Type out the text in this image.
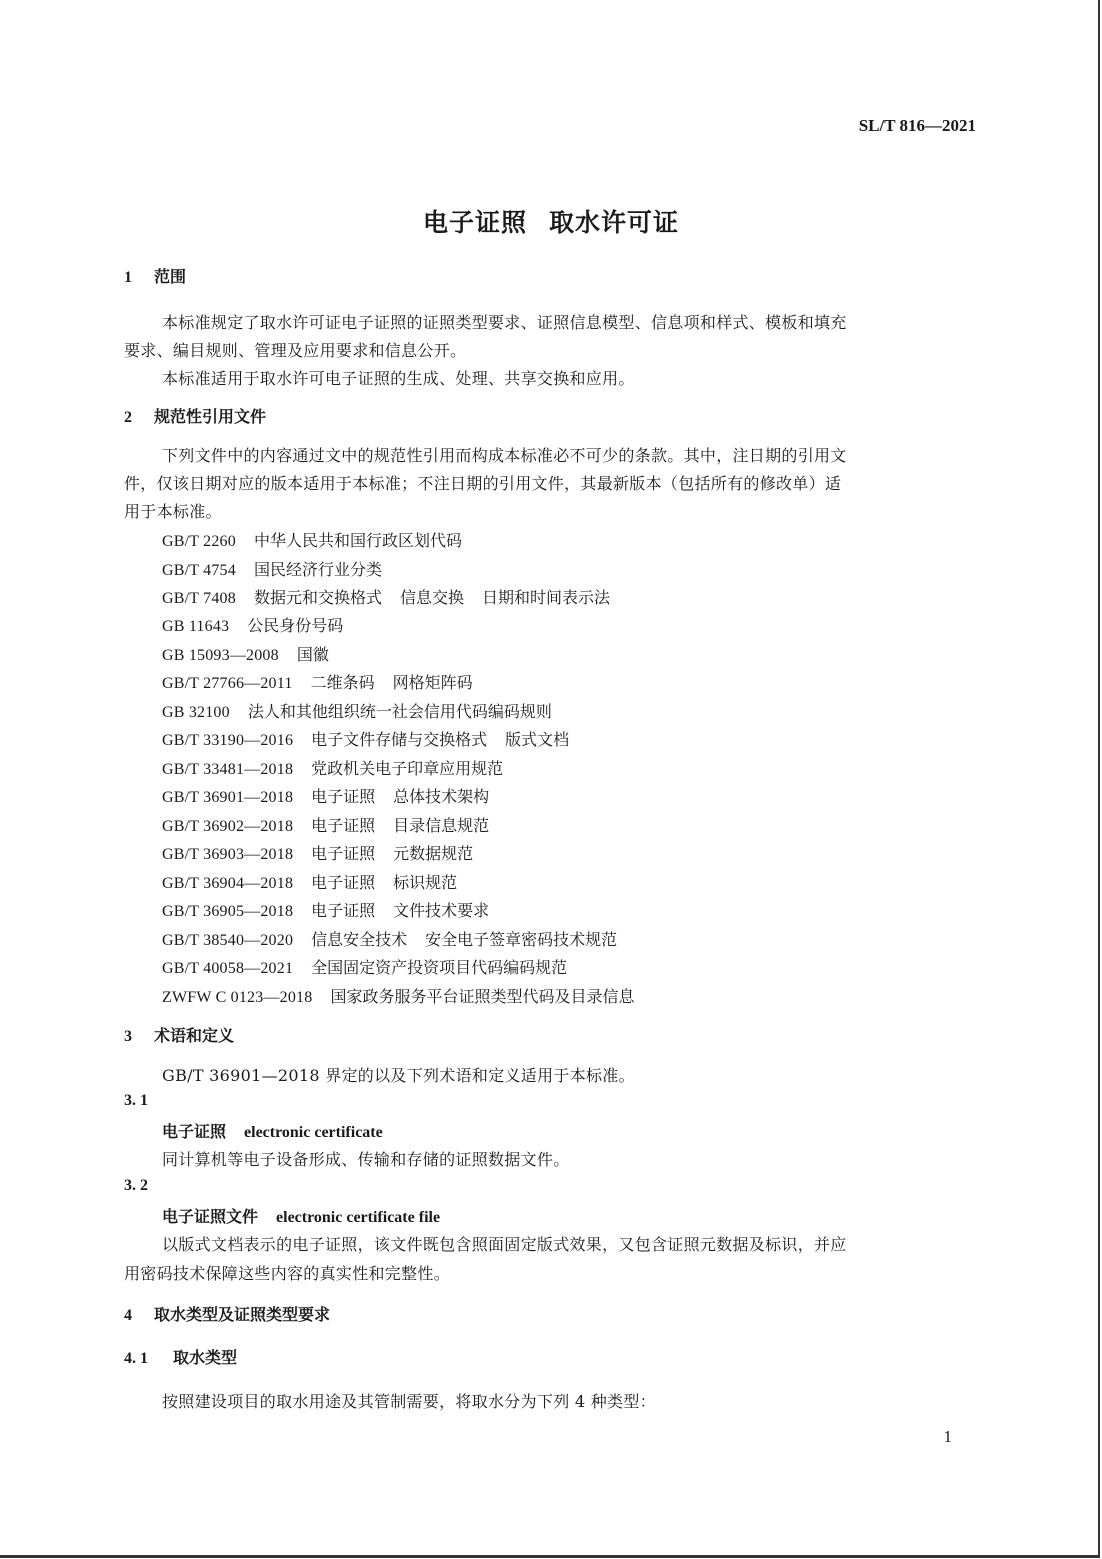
SL/T 816—2021
电子证照 取水许可证
1 范围
本标准规定了取水许可证电子证照的证照类型要求、证照信息模型、信息项和样式、模板和填充
要求、编目规则、管理及应用要求和信息公开。
本标准适用于取水许可电子证照的生成、处理、共享交换和应用。
2 规范性引用文件
下列文件中的内容通过文中的规范性引用而构成本标准必不可少的条款。其中，注日期的引用文
件，仅该日期对应的版本适用于本标准；不注日期的引用文件，其最新版本（包括所有的修改单）适
用于本标准。
GB/T 2260 中华人民共和国行政区划代码
GB/T 4754 国民经济行业分类
GB/T 7408 数据元和交换格式 信息交换 日期和时间表示法
GB 11643 公民身份号码
GB 15093—2008 国徽
GB/T 27766—2011 二维条码 网格矩阵码
GB 32100 法人和其他组织统一社会信用代码编码规则
GB/T 33190—2016 电子文件存储与交换格式 版式文档
GB/T 33481—2018 党政机关电子印章应用规范
GB/T 36901—2018 电子证照 总体技术架构
GB/T 36902—2018 电子证照 目录信息规范
GB/T 36903—2018 电子证照 元数据规范
GB/T 36904—2018 电子证照 标识规范
GB/T 36905—2018 电子证照 文件技术要求
GB/T 38540—2020 信息安全技术 安全电子签章密码技术规范
GB/T 40058—2021 全国固定资产投资项目代码编码规范
ZWFW C 0123—2018 国家政务服务平台证照类型代码及目录信息
3 术语和定义
GB/T 36901—2018 界定的以及下列术语和定义适用于本标准。
3. 1
电子证照 electronic certificate
同计算机等电子设备形成、传输和存储的证照数据文件。
3. 2
电子证照文件 electronic certificate file
以版式文档表示的电子证照，该文件既包含照面固定版式效果，又包含证照元数据及标识，并应
用密码技术保障这些内容的真实性和完整性。
4 取水类型及证照类型要求
4. 1 取水类型
按照建设项目的取水用途及其管制需要，将取水分为下列 4 种类型：
1
